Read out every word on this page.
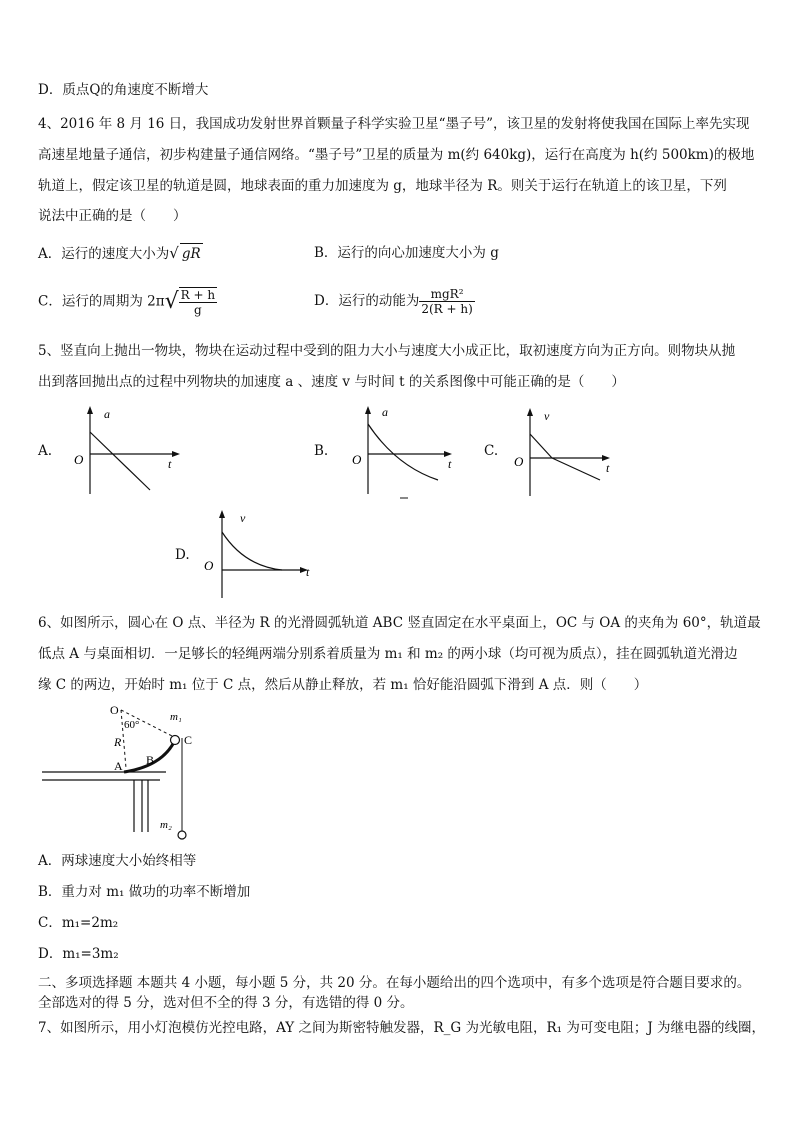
D．质点Q的角速度不断增大
4、2016 年 8 月 16 日，我国成功发射世界首颗量子科学实验卫星“墨子号”，该卫星的发射将使我国在国际上率先实现
高速星地量子通信，初步构建量子通信网络。“墨子号”卫星的质量为 m(约 640kg)，运行在高度为 h(约 500km)的极地
轨道上，假定该卫星的轨道是圆，地球表面的重力加速度为 g，地球半径为 R。则关于运行在轨道上的该卫星，下列
说法中正确的是（　　）
A．运行的速度大小为√ gR	B．运行的向心加速度大小为 g
C．运行的周期为 $2\pi√ \frac{R + h}{g}$	D．运行的动能为 $\frac{\text{mgR²}}{2(R + h)}$
5、竖直向上抛出一物块，物块在运动过程中受到的阻力大小与速度大小成正比，取初速度方向为正方向。则物块从抛
出到落回抛出点的过程中列物块的加速度 a 、速度 v 与时间 t 的关系图像中可能正确的是（　　）
A.
a
O	t
B.
a
O	t
C.
v
O	t
D.
v
O	t
6、如图所示，圆心在 O 点、半径为 R 的光滑圆弧轨道 ABC 竖直固定在水平桌面上，OC 与 OA 的夹角为 60°，轨道最
低点 A 与桌面相切．一足够长的轻绳两端分别系着质量为 m₁ 和 m₂ 的两小球（均可视为质点），挂在圆弧轨道光滑边
缘 C 的两边，开始时 m₁ 位于 C 点，然后从静止释放，若 m₁ 恰好能沿圆弧下滑到 A 点．则（　　）
O
60°
m₁
R	C
A B
m₂
A．两球速度大小始终相等
B．重力对 m₁ 做功的功率不断增加
C．m₁=2m₂
D．m₁=3m₂
二、多项选择题 本题共 4 小题，每小题 5 分，共 20 分。在每小题给出的四个选项中，有多个选项是符合题目要求的。
全部选对的得 5 分，选对但不全的得 3 分，有选错的得 0 分。
7、如图所示，用小灯泡模仿光控电路，AY 之间为斯密特触发器，R_G 为光敏电阻，R₁ 为可变电阻；J 为继电器的线圈，
